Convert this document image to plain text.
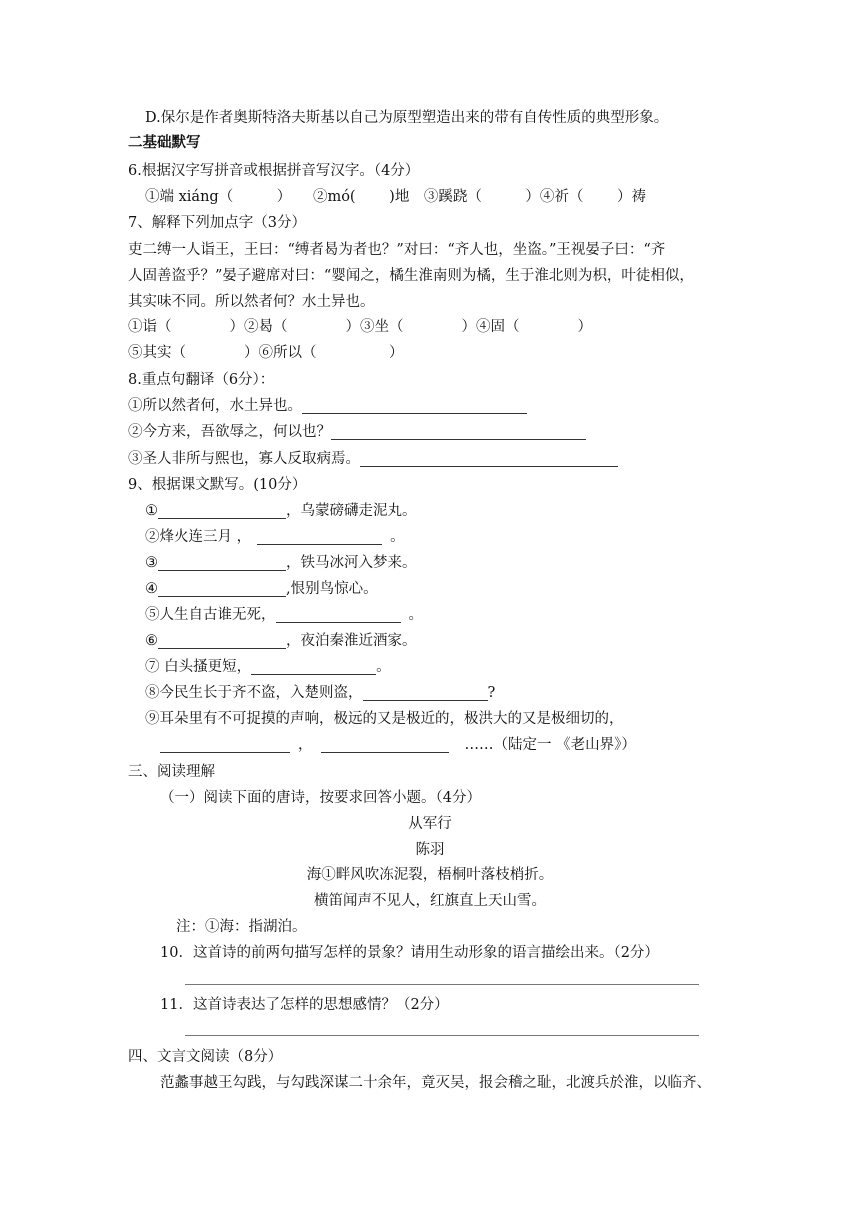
D.保尔是作者奥斯特洛夫斯基以自己为原型塑造出来的带有自传性质的典型形象。
二基础默写
6.根据汉字写拼音或根据拼音写汉字。（4分）
①端 xiáng（　　　）　　②mó(　　 )地　③蹊跷（　　　）④祈（　　 ）祷
7、解释下列加点字（3分）
吏二缚一人诣王，王曰：“缚者曷为者也？”对曰：“齐人也，坐盗。”王视晏子曰：“齐
人固善盗乎？”晏子避席对曰：“婴闻之，橘生淮南则为橘，生于淮北则为枳，叶徒相似，
其实味不同。所以然者何？水土异也。
①诣（　　　　）②曷（　　　　）③坐（　　　　）④固（　　　　）
⑤其实（　　　　）⑥所以（　　　　　）
8.重点句翻译（6分）：
①所以然者何，水土异也。
②今方来，吾欲辱之，何以也？
③圣人非所与熙也，寡人反取病焉。
9、根据课文默写。(10分）
①	，乌蒙磅礴走泥丸。
②烽火连三月 ，	。
③	，铁马冰河入梦来。
④	,恨别鸟惊心。
⑤人生自古谁无死，	。
⑥	，夜泊秦淮近酒家。
⑦ 白头搔更短，	。
⑧今民生长于齐不盗，入楚则盗，	?
⑨耳朵里有不可捉摸的声响，极远的又是极近的，极洪大的又是极细切的，
，	……（陆定一 《老山界》）
三、阅读理解
（一）阅读下面的唐诗，按要求回答小题。（4分）
从军行
陈羽
海①畔风吹冻泥裂，梧桐叶落枝梢折。
横笛闻声不见人，红旗直上天山雪。
注：①海：指湖泊。
10．这首诗的前两句描写怎样的景象？请用生动形象的语言描绘出来。（2分）
11．这首诗表达了怎样的思想感情？（2分）
四、文言文阅读（8分）
范蠡事越王勾践，与勾践深谋二十余年，竟灭吴，报会稽之耻，北渡兵於淮，以临齐、
